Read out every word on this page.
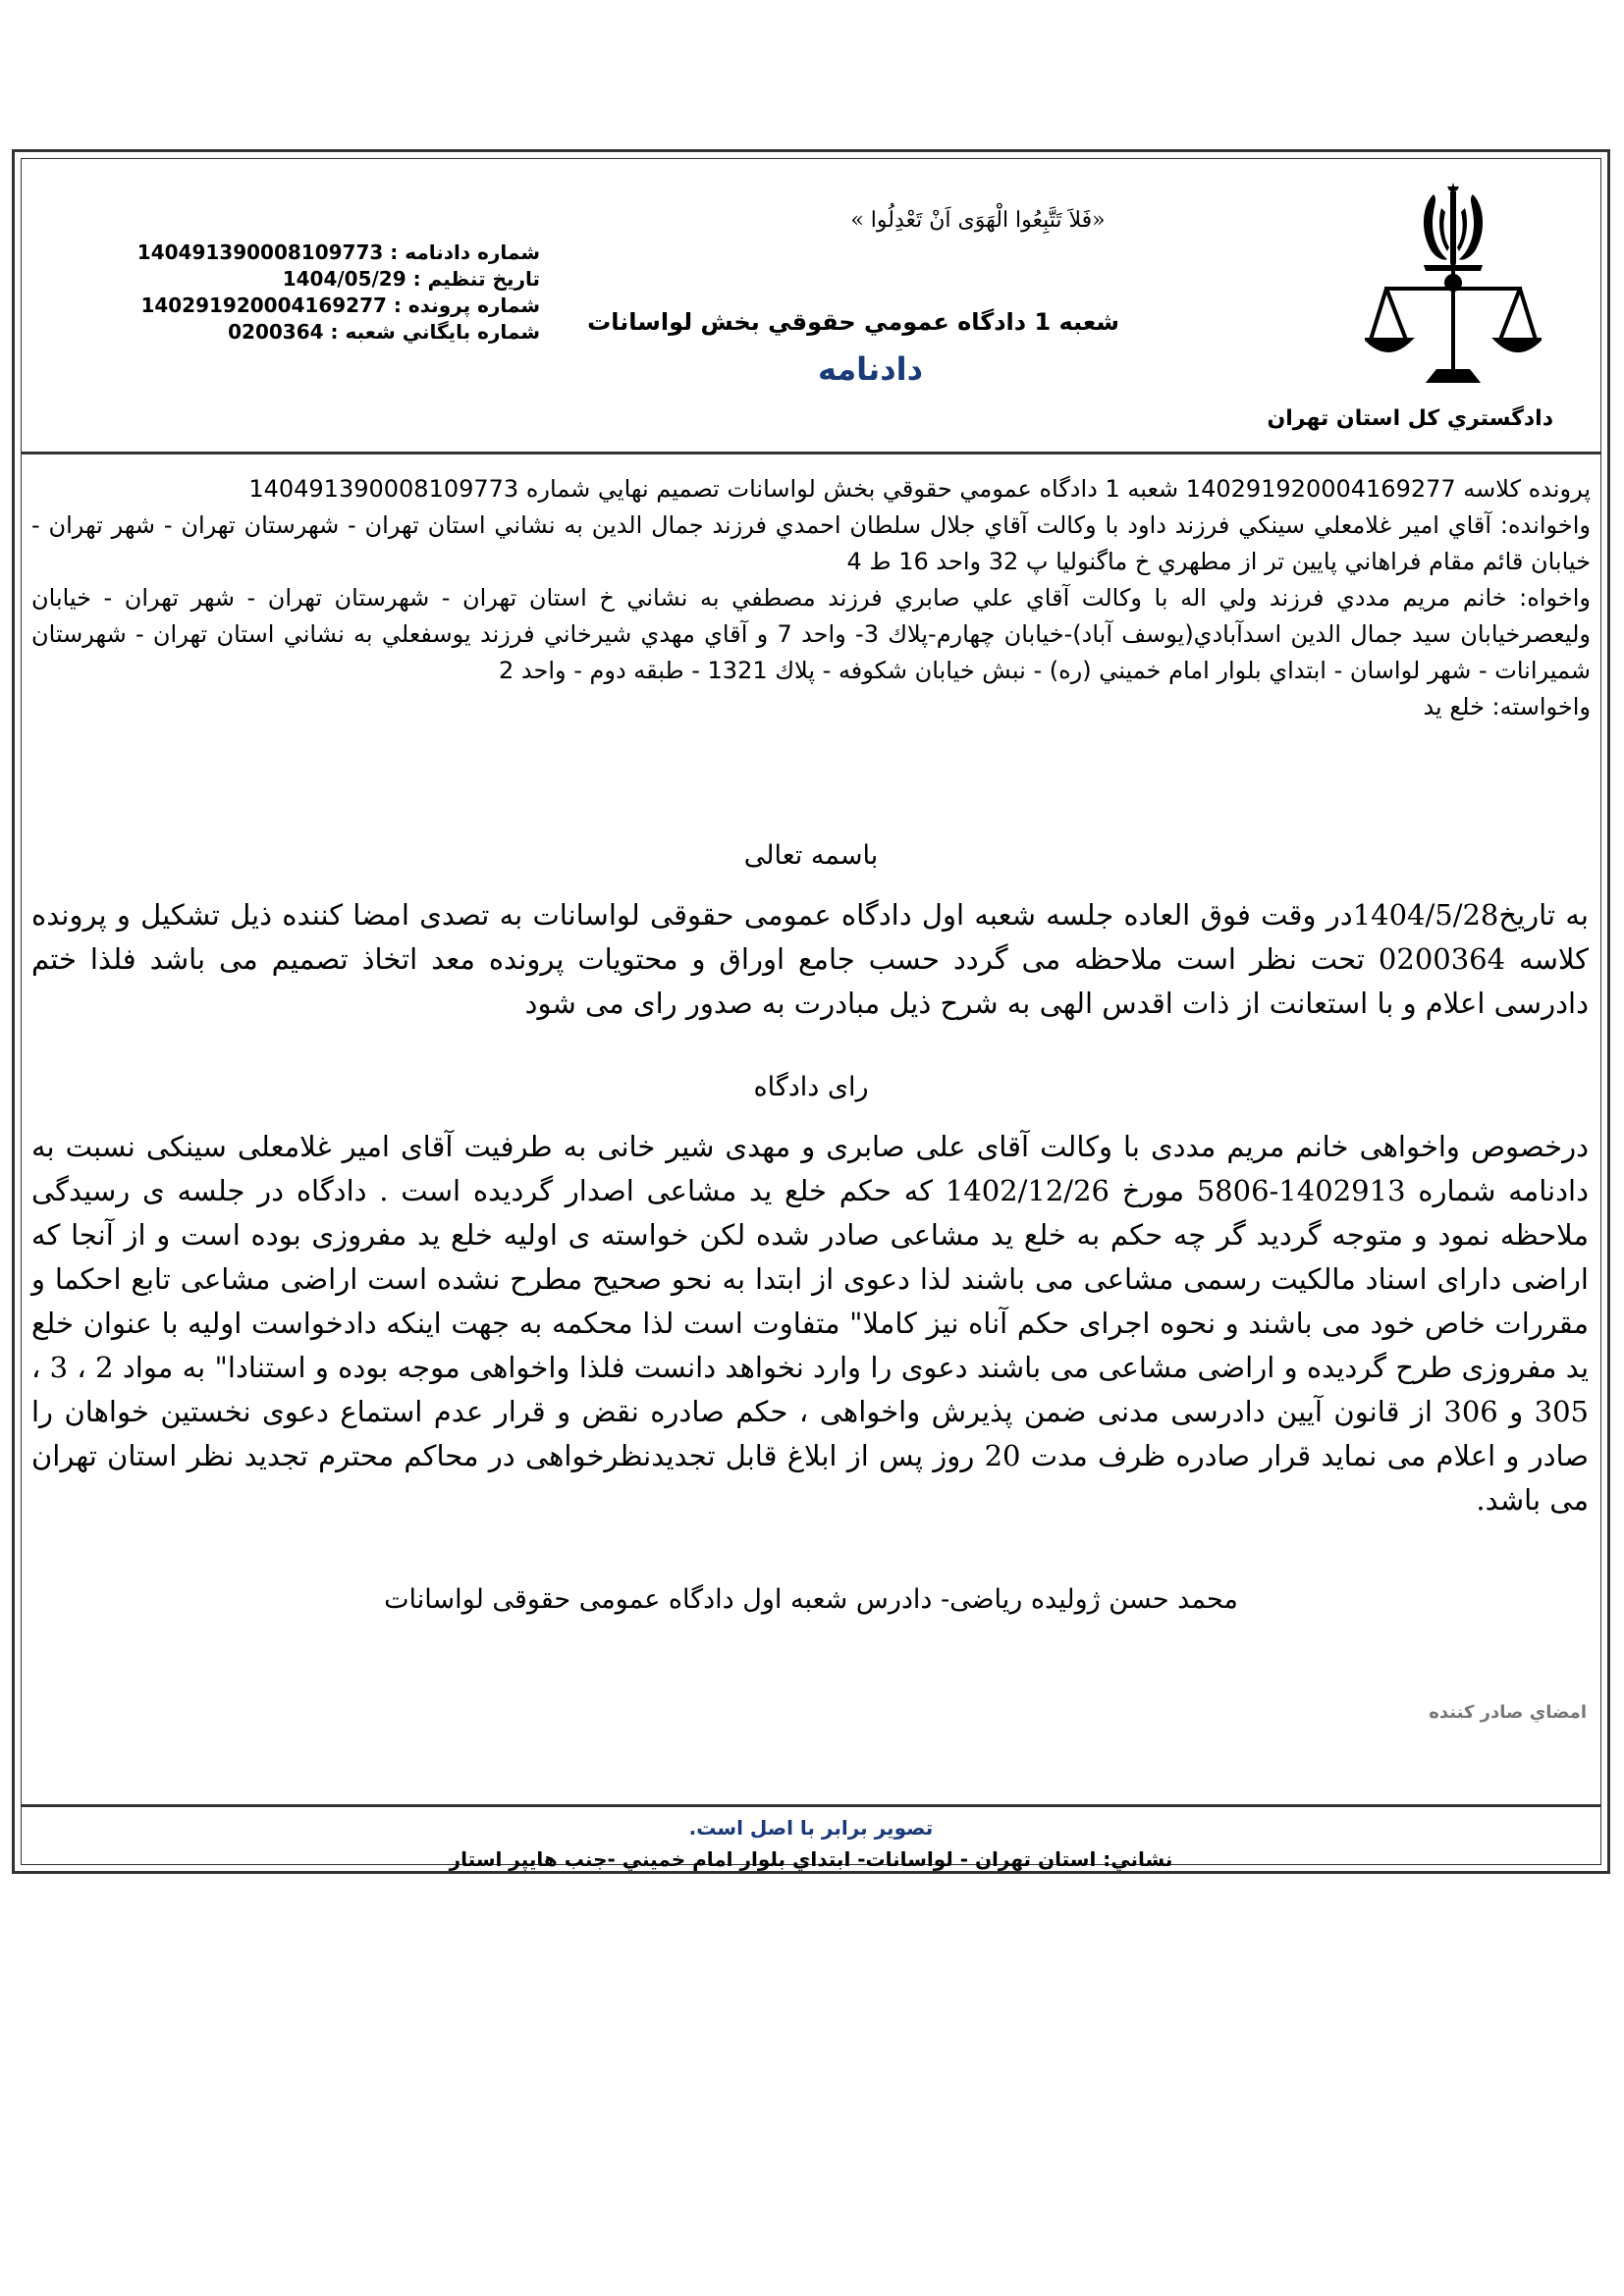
دادگستري كل استان تهران
«فَلاَ تَتَّبِعُوا الْهَوَى اَنْ تَعْدِلُوا »
شعبه 1 دادگاه عمومي حقوقي بخش لواسانات
دادنامه
شماره دادنامه : 140491390008109773
تاريخ تنظيم : 1404/05/29
شماره پرونده : 140291920004169277
شماره بايگاني شعبه : 0200364

پرونده كلاسه 140291920004169277 شعبه 1 دادگاه عمومي حقوقي بخش لواسانات تصميم نهايي شماره 140491390008109773

واخوانده: آقاي امير غلامعلي سينكي فرزند داود با وكالت آقاي جلال سلطان احمدي فرزند جمال الدين به نشاني استان تهران - شهرستان تهران - شهر تهران - خيابان قائم مقام فراهاني پايين تر از مطهري خ ماگنوليا پ 32 واحد 16 ط 4

واخواه: خانم مريم مددي فرزند ولي اله با وكالت آقاي علي صابري فرزند مصطفي به نشاني خ استان تهران - شهرستان تهران - شهر تهران - خيابان وليعصرخيابان سيد جمال الدين اسدآبادي(يوسف آباد)-خيابان چهارم-پلاك 3- واحد 7 و آقاي مهدي شيرخاني فرزند يوسفعلي به نشاني استان تهران - شهرستان شميرانات - شهر لواسان - ابتداي بلوار امام خميني (ره) - نبش خيابان شكوفه - پلاك 1321 - طبقه دوم - واحد 2

واخواسته: خلع يد

باسمه تعالی

به تاریخ1404/5/28در وقت فوق العاده جلسه شعبه اول دادگاه عمومی حقوقی لواسانات به تصدی امضا کننده ذیل تشکیل و پرونده کلاسه 0200364 تحت نظر است ملاحظه می گردد حسب جامع اوراق و محتویات پرونده معد اتخاذ تصمیم می باشد فلذا ختم دادرسی اعلام و با استعانت از ذات اقدس الهی به شرح ذیل مبادرت به صدور رای می شود

رای دادگاه

درخصوص واخواهی خانم مریم مددی با وکالت آقای علی صابری و مهدی شیر خانی به طرفیت آقای امیر غلامعلی سینکی نسبت به دادنامه شماره 1402913-5806 مورخ 1402/12/26 که حکم خلع ید مشاعی اصدار گردیده است . دادگاه در جلسه ی رسیدگی ملاحظه نمود و متوجه گردید گر چه حکم به خلع ید مشاعی صادر شده لکن خواسته ی اولیه خلع ید مفروزی بوده است و از آنجا که اراضی دارای اسناد مالکیت رسمی مشاعی می باشند لذا دعوی از ابتدا به نحو صحیح مطرح نشده است اراضی مشاعی تابع احکما و مقررات خاص خود می باشند و نحوه اجرای حکم آناه نیز کاملا" متفاوت است لذا محکمه به جهت اینکه دادخواست اولیه با عنوان خلع ید مفروزی طرح گردیده و اراضی مشاعی می باشند دعوی را وارد نخواهد دانست فلذا واخواهی موجه بوده و استنادا" به مواد 2 ، 3 ، 305 و 306 از قانون آیین دادرسی مدنی ضمن پذیرش واخواهی ، حکم صادره نقض و قرار عدم استماع دعوی نخستین خواهان را صادر و اعلام می نماید قرار صادره ظرف مدت 20 روز پس از ابلاغ قابل تجدیدنظرخواهی در محاکم محترم تجدید نظر استان تهران می باشد.

محمد حسن ژولیده ریاضی- دادرس شعبه اول دادگاه عمومی حقوقی لواسانات
امضاي صادر كننده
تصوير برابر با اصل است.
نشاني: استان تهران - لواسانات- ابتداي بلوار امام خميني -جنب هايپر استار
